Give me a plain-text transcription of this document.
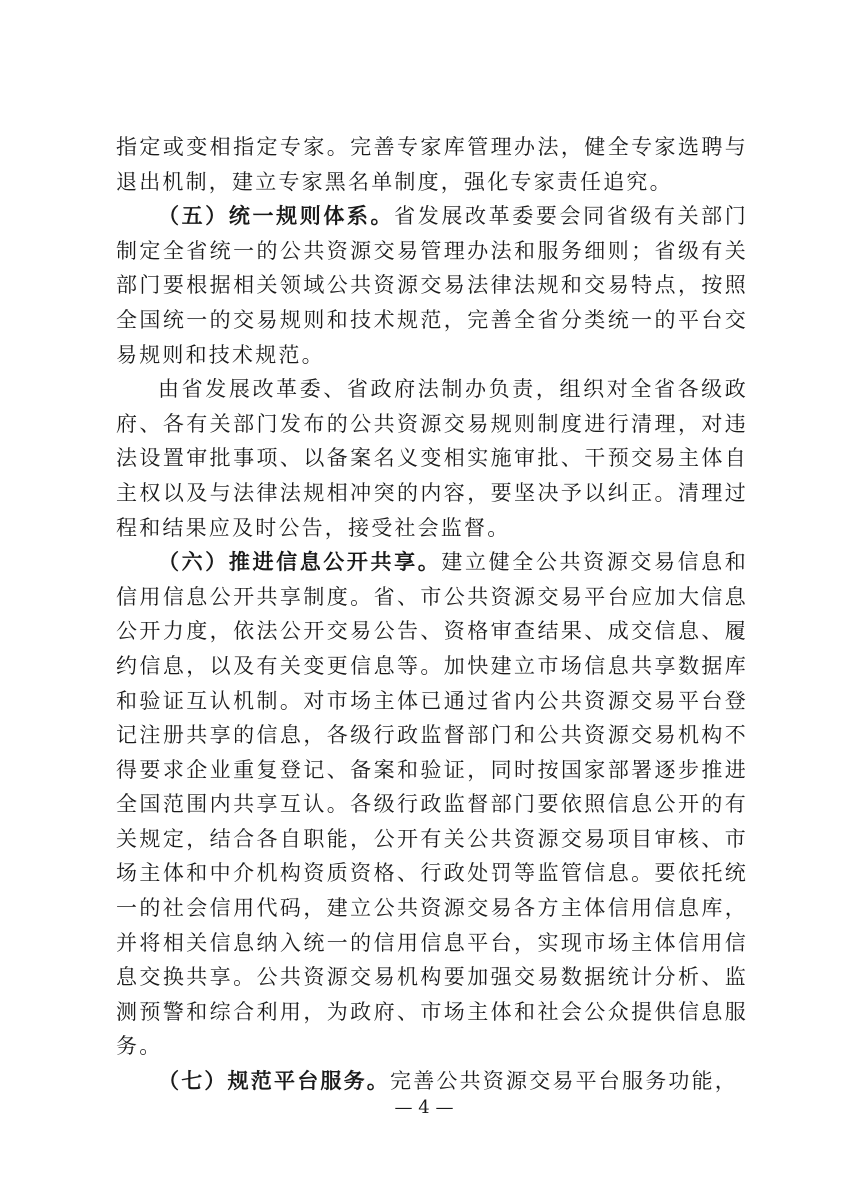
指定或变相指定专家。完善专家库管理办法，健全专家选聘与退出机制，建立专家黑名单制度，强化专家责任追究。

（五）统一规则体系。省发展改革委要会同省级有关部门制定全省统一的公共资源交易管理办法和服务细则；省级有关部门要根据相关领域公共资源交易法律法规和交易特点，按照全国统一的交易规则和技术规范，完善全省分类统一的平台交易规则和技术规范。

由省发展改革委、省政府法制办负责，组织对全省各级政府、各有关部门发布的公共资源交易规则制度进行清理，对违法设置审批事项、以备案名义变相实施审批、干预交易主体自主权以及与法律法规相冲突的内容，要坚决予以纠正。清理过程和结果应及时公告，接受社会监督。

（六）推进信息公开共享。建立健全公共资源交易信息和信用信息公开共享制度。省、市公共资源交易平台应加大信息公开力度，依法公开交易公告、资格审查结果、成交信息、履约信息，以及有关变更信息等。加快建立市场信息共享数据库和验证互认机制。对市场主体已通过省内公共资源交易平台登记注册共享的信息，各级行政监督部门和公共资源交易机构不得要求企业重复登记、备案和验证，同时按国家部署逐步推进全国范围内共享互认。各级行政监督部门要依照信息公开的有关规定，结合各自职能，公开有关公共资源交易项目审核、市场主体和中介机构资质资格、行政处罚等监管信息。要依托统一的社会信用代码，建立公共资源交易各方主体信用信息库，并将相关信息纳入统一的信用信息平台，实现市场主体信用信息交换共享。公共资源交易机构要加强交易数据统计分析、监测预警和综合利用，为政府、市场主体和社会公众提供信息服务。

（七）规范平台服务。完善公共资源交易平台服务功能，

— 4 —
